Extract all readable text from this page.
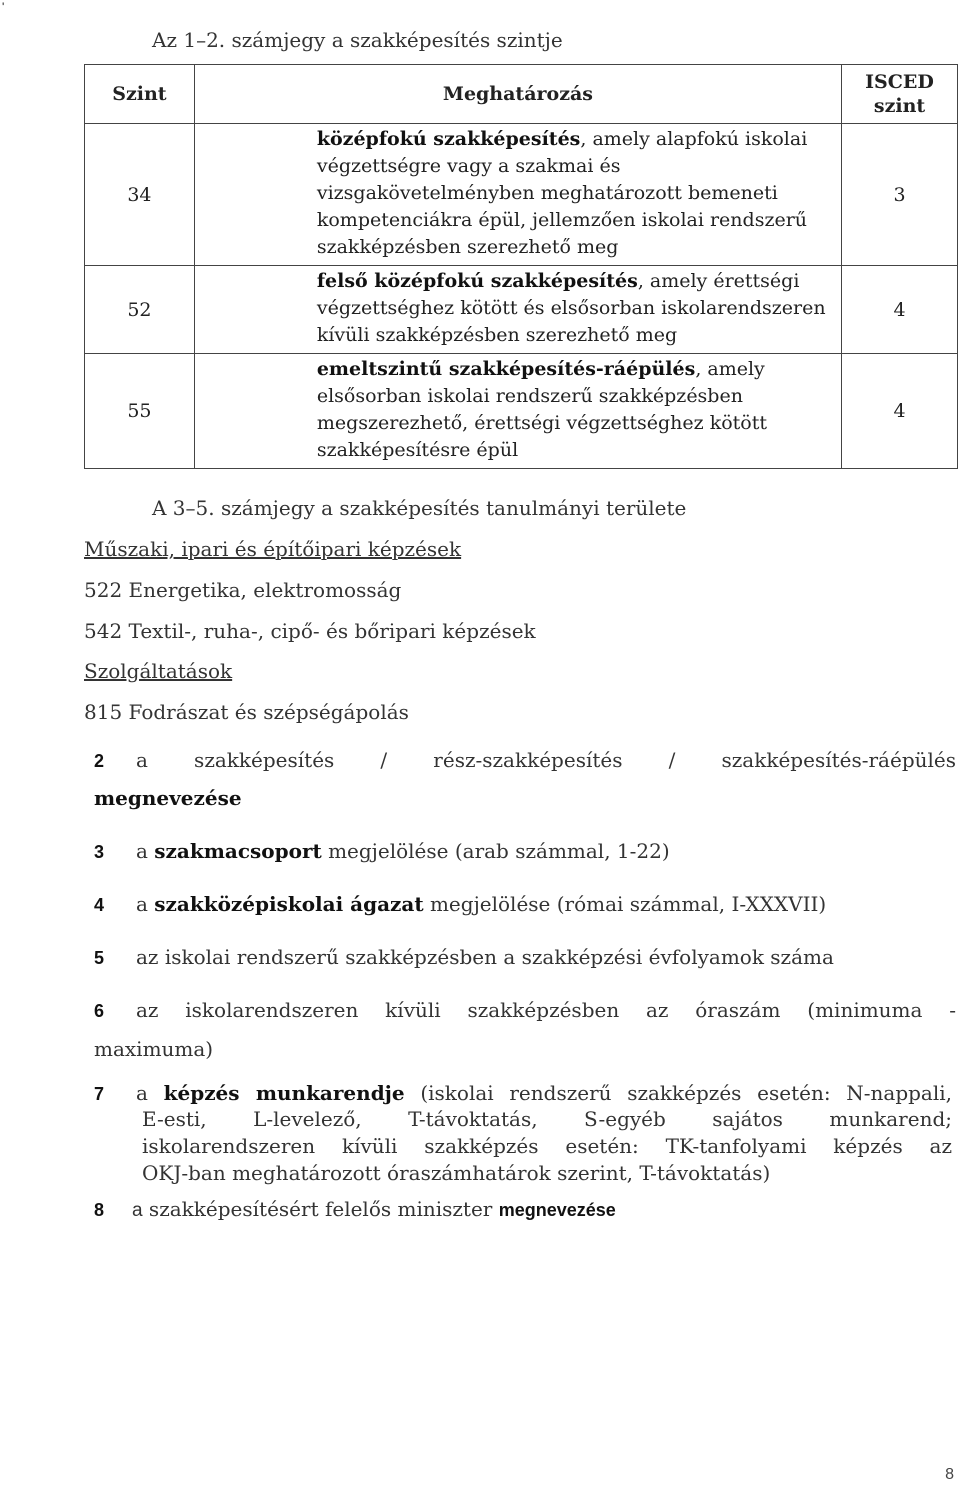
'
Az 1–2. számjegy a szakképesítés szintje
Szint	Meghatározás	ISCED szint
34	középfokú szakképesítés, amely alapfokú iskolai végzettségre vagy a szakmai és vizsgakövetelményben meghatározott bemeneti kompetenciákra épül, jellemzően iskolai rendszerű szakképzésben szerezhető meg	3
52	felső középfokú szakképesítés, amely érettségi végzettséghez kötött és elsősorban iskolarendszeren kívüli szakképzésben szerezhető meg	4
55	emeltszintű szakképesítés-ráépülés, amely elsősorban iskolai rendszerű szakképzésben megszerezhető, érettségi végzettséghez kötött szakképesítésre épül	4
A 3–5. számjegy a szakképesítés tanulmányi területe
Műszaki, ipari és építőipari képzések
522 Energetika, elektromosság
542 Textil-, ruha-, cipő- és bőripari képzések
Szolgáltatások
815 Fodrászat és szépségápolás
2 a szakképesítés / rész-szakképesítés / szakképesítés-ráépülés
megnevezése
3 a szakmacsoport megjelölése (arab számmal, 1-22)
4 a szakközépiskolai ágazat megjelölése (római számmal, I-XXXVII)
5 az iskolai rendszerű szakképzésben a szakképzési évfolyamok száma
6 az iskolarendszeren kívüli szakképzésben az óraszám (minimuma -
maximuma)
7 a képzés munkarendje (iskolai rendszerű szakképzés esetén: N-nappali,
E-esti, L-levelező, T-távoktatás, S-egyéb sajátos munkarend;
iskolarendszeren kívüli szakképzés esetén: TK-tanfolyami képzés az
OKJ-ban meghatározott óraszámhatárok szerint, T-távoktatás)
8 a szakképesítésért felelős miniszter megnevezése
8
